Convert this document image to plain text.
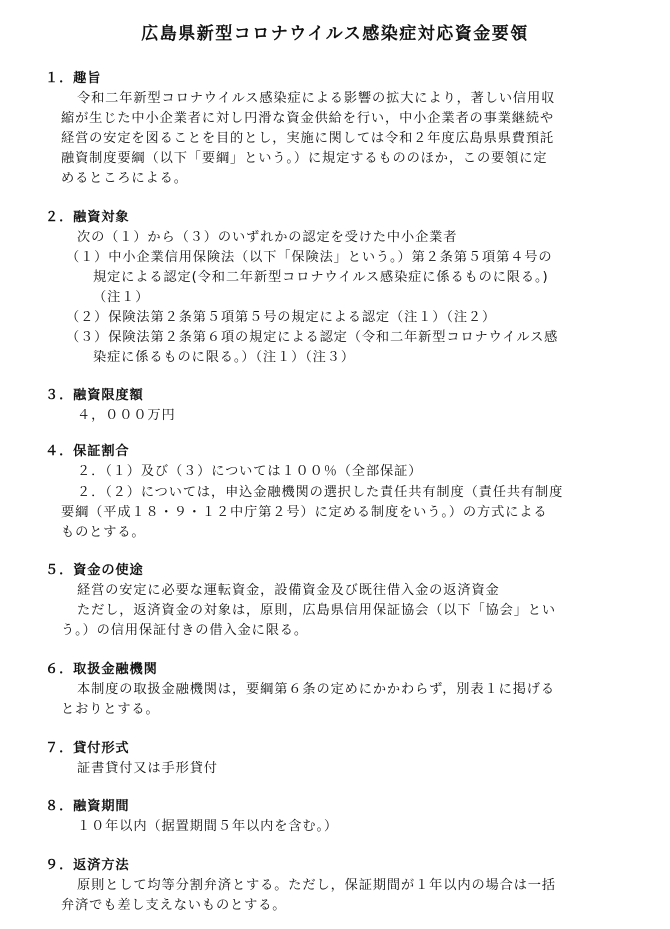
広島県新型コロナウイルス感染症対応資金要領
１．趣旨
令和二年新型コロナウイルス感染症による影響の拡大により，著しい信用収
縮が生じた中小企業者に対し円滑な資金供給を行い，中小企業者の事業継続や
経営の安定を図ることを目的とし，実施に関しては令和２年度広島県県費預託
融資制度要綱（以下「要綱」という。）に規定するもののほか，この要領に定
めるところによる。
２．融資対象
次の（１）から（３）のいずれかの認定を受けた中小企業者
（１）中小企業信用保険法（以下「保険法」という。）第２条第５項第４号の
規定による認定(令和二年新型コロナウイルス感染症に係るものに限る。)
（注１）
（２）保険法第２条第５項第５号の規定による認定（注１）（注２）
（３）保険法第２条第６項の規定による認定（令和二年新型コロナウイルス感
染症に係るものに限る。）（注１）（注３）
３．融資限度額
４，０００万円
４．保証割合
２．（１）及び（３）については１００％（全部保証）
２．（２）については，申込金融機関の選択した責任共有制度（責任共有制度
要綱（平成１８・９・１２中庁第２号）に定める制度をいう。）の方式による
ものとする。
５．資金の使途
経営の安定に必要な運転資金，設備資金及び既往借入金の返済資金
ただし，返済資金の対象は，原則，広島県信用保証協会（以下「協会」とい
う。）の信用保証付きの借入金に限る。
６．取扱金融機関
本制度の取扱金融機関は，要綱第６条の定めにかかわらず，別表１に掲げる
とおりとする。
７．貸付形式
証書貸付又は手形貸付
８．融資期間
１０年以内（据置期間５年以内を含む。）
９．返済方法
原則として均等分割弁済とする。ただし，保証期間が１年以内の場合は一括
弁済でも差し支えないものとする。
